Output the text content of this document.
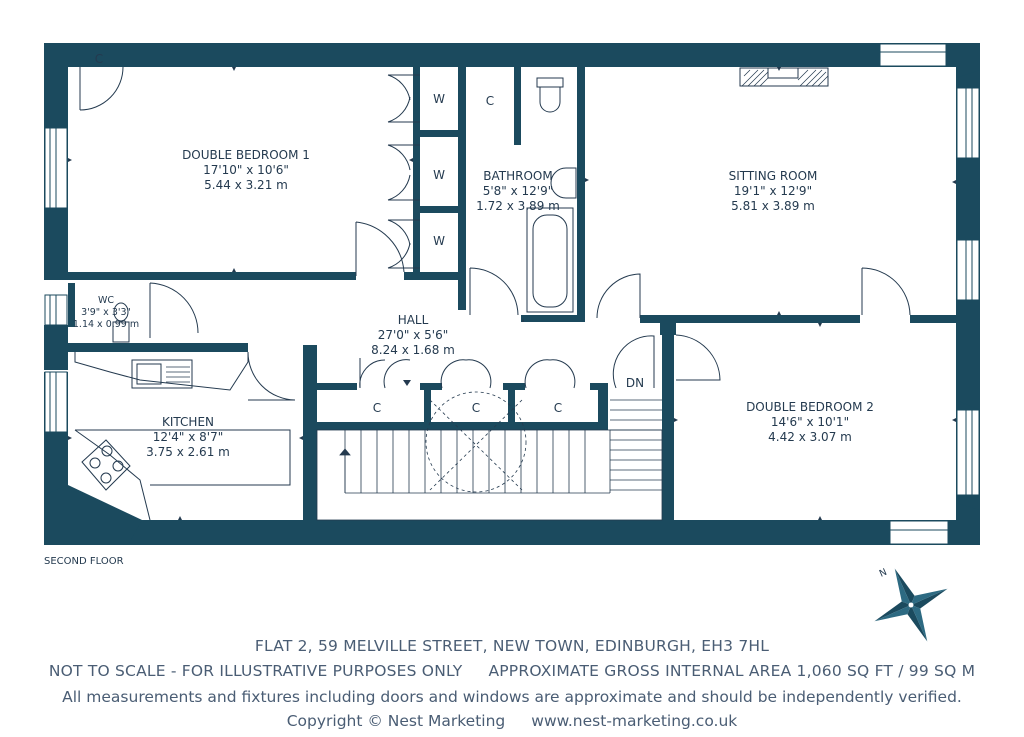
DOUBLE BEDROOM 1
17'10" x 10'6"
5.44 x 3.21 m
BATHROOM
5'8" x 12'9"
1.72 x 3.89 m
SITTING ROOM
19'1" x 12'9"
5.81 x 3.89 m
WC
3'9" x 3'3"
1.14 x 0.99 m	HALL
27'0" x 5'6"
8.24 x 1.68 m
KITCHEN
12'4" x 8'7"
3.75 x 2.61 m
DOUBLE BEDROOM 2
14'6" x 10'1"
4.42 x 3.07 m
C
C
W
W
W
C	C	C
DN
N
SECOND FLOOR
FLAT 2, 59 MELVILLE STREET, NEW TOWN, EDINBURGH, EH3 7HL
NOT TO SCALE - FOR ILLUSTRATIVE PURPOSES ONLY APPROXIMATE GROSS INTERNAL AREA 1,060 SQ FT / 99 SQ M
All measurements and fixtures including doors and windows are approximate and should be independently verified.
Copyright © Nest Marketing www.nest-marketing.co.uk
